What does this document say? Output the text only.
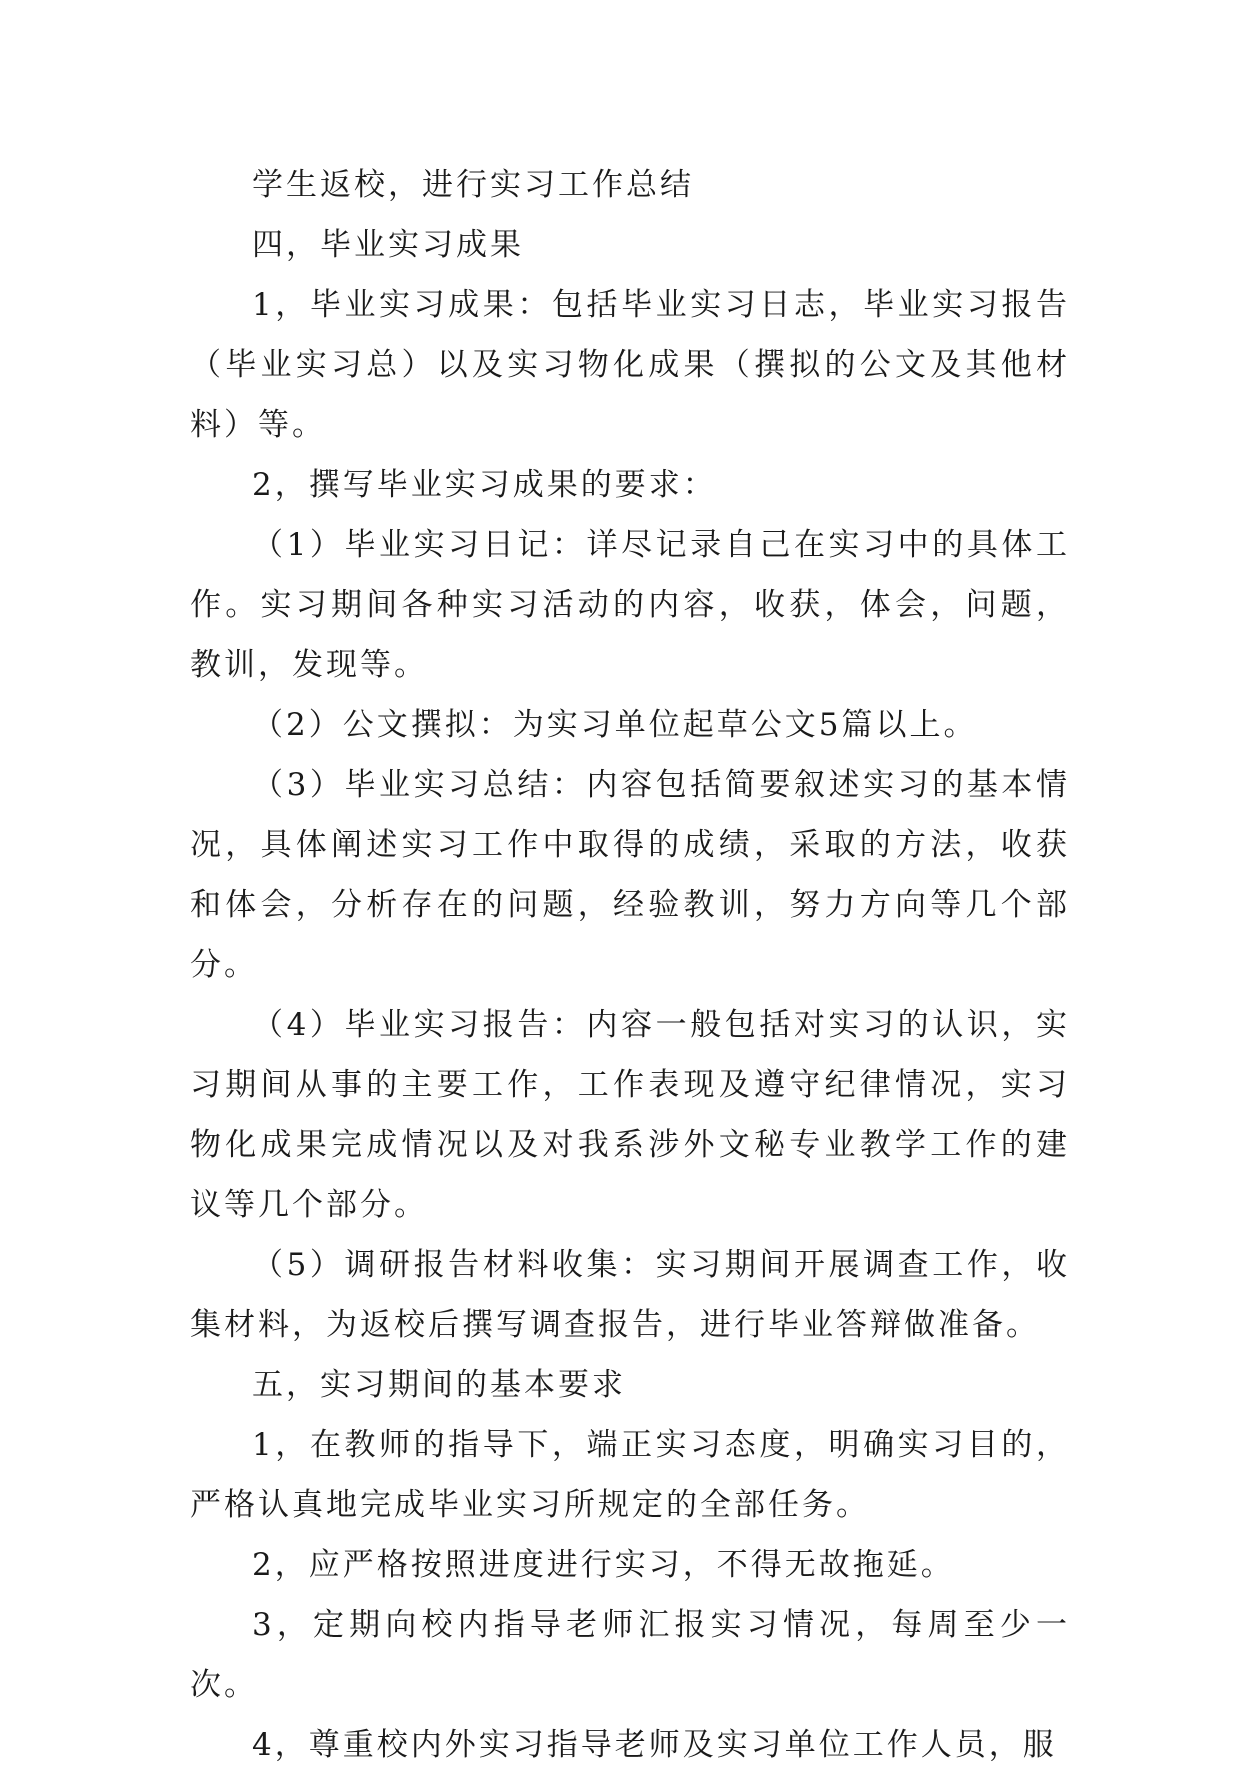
学生返校，进行实习工作总结

四，毕业实习成果

1，毕业实习成果：包括毕业实习日志，毕业实习报告（毕业实习总）以及实习物化成果（撰拟的公文及其他材料）等。

2，撰写毕业实习成果的要求：

（1）毕业实习日记：详尽记录自己在实习中的具体工作。实习期间各种实习活动的内容，收获，体会，问题，教训，发现等。

（2）公文撰拟：为实习单位起草公文5篇以上。

（3）毕业实习总结：内容包括简要叙述实习的基本情况，具体阐述实习工作中取得的成绩，采取的方法，收获和体会，分析存在的问题，经验教训，努力方向等几个部分。

（4）毕业实习报告：内容一般包括对实习的认识，实习期间从事的主要工作，工作表现及遵守纪律情况，实习物化成果完成情况以及对我系涉外文秘专业教学工作的建议等几个部分。

（5）调研报告材料收集：实习期间开展调查工作，收集材料，为返校后撰写调查报告，进行毕业答辩做准备。

五，实习期间的基本要求

1，在教师的指导下，端正实习态度，明确实习目的，严格认真地完成毕业实习所规定的全部任务。

2，应严格按照进度进行实习，不得无故拖延。

3，定期向校内指导老师汇报实习情况，每周至少一次。

4，尊重校内外实习指导老师及实习单位工作人员，服
